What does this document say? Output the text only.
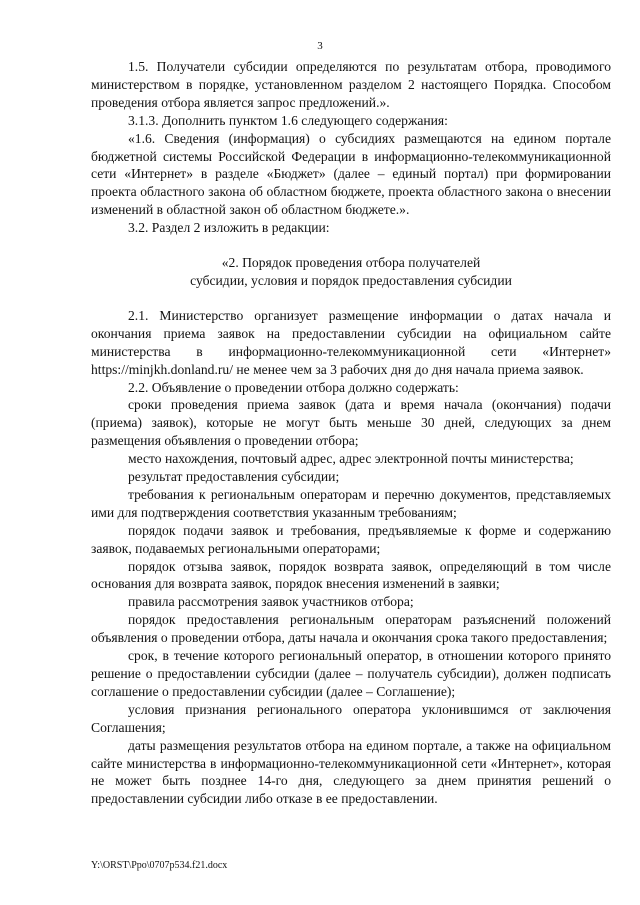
3

1.5. Получатели субсидии определяются по результатам отбора, проводимого министерством в порядке, установленном разделом 2 настоящего Порядка. Способом проведения отбора является запрос предложений.».

3.1.3. Дополнить пунктом 1.6 следующего содержания:

«1.6. Сведения (информация) о субсидиях размещаются на едином портале бюджетной системы Российской Федерации в информационно-телекоммуникационной сети «Интернет» в разделе «Бюджет» (далее – единый портал) при формировании проекта областного закона об областном бюджете, проекта областного закона о внесении изменений в областной закон об областном бюджете.».

3.2. Раздел 2 изложить в редакции:

«2. Порядок проведения отбора получателей
субсидии, условия и порядок предоставления субсидии

2.1. Министерство организует размещение информации о датах начала и окончания приема заявок на предоставлении субсидии на официальном сайте министерства в информационно-телекоммуникационной сети «Интернет» https://minjkh.donland.ru/ не менее чем за 3 рабочих дня до дня начала приема заявок.

2.2. Объявление о проведении отбора должно содержать:

сроки проведения приема заявок (дата и время начала (окончания) подачи (приема) заявок), которые не могут быть меньше 30 дней, следующих за днем размещения объявления о проведении отбора;

место нахождения, почтовый адрес, адрес электронной почты министерства;

результат предоставления субсидии;

требования к региональным операторам и перечню документов, представляемых ими для подтверждения соответствия указанным требованиям;

порядок подачи заявок и требования, предъявляемые к форме и содержанию заявок, подаваемых региональными операторами;

порядок отзыва заявок, порядок возврата заявок, определяющий в том числе основания для возврата заявок, порядок внесения изменений в заявки;

правила рассмотрения заявок участников отбора;

порядок предоставления региональным операторам разъяснений положений объявления о проведении отбора, даты начала и окончания срока такого предоставления;

срок, в течение которого региональный оператор, в отношении которого принято решение о предоставлении субсидии (далее – получатель субсидии), должен подписать соглашение о предоставлении субсидии (далее – Соглашение);

условия признания регионального оператора уклонившимся от заключения Соглашения;

даты размещения результатов отбора на едином портале, а также на официальном сайте министерства в информационно-телекоммуникационной сети «Интернет», которая не может быть позднее 14-го дня, следующего за днем принятия решений о предоставлении субсидии либо отказе в ее предоставлении.

Y:\ORST\Ppo\0707p534.f21.docx
